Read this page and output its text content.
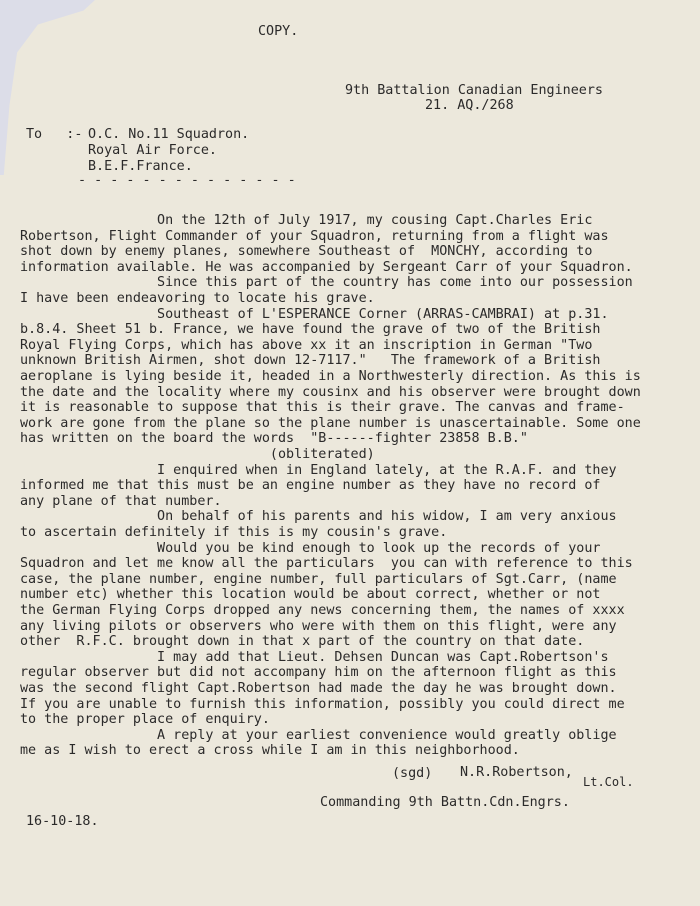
COPY.
9th Battalion Canadian Engineers
21. AQ./268
To   :- O.C. No.11 Squadron.
Royal Air Force.
B.E.F.France.
- - - - - - - - - - - - - -
On the 12th of July 1917, my cousing Capt.Charles Eric
Robertson, Flight Commander of your Squadron, returning from a flight was
shot down by enemy planes, somewhere Southeast of  MONCHY, according to
information available. He was accompanied by Sergeant Carr of your Squadron.
Since this part of the country has come into our possession
I have been endeavoring to locate his grave.
Southeast of L'ESPERANCE Corner (ARRAS-CAMBRAI) at p.31.
b.8.4. Sheet 51 b. France, we have found the grave of two of the British
Royal Flying Corps, which has above xx it an inscription in German "Two
unknown British Airmen, shot down 12-7117."   The framework of a British
aeroplane is lying beside it, headed in a Northwesterly direction. As this is
the date and the locality where my cousinx and his observer were brought down
it is reasonable to suppose that this is their grave. The canvas and frame-
work are gone from the plane so the plane number is unascertainable. Some one
has written on the board the words  "B------fighter 23858 B.B."
(obliterated)
I enquired when in England lately, at the R.A.F. and they
informed me that this must be an engine number as they have no record of
any plane of that number.
On behalf of his parents and his widow, I am very anxious
to ascertain definitely if this is my cousin's grave.
Would you be kind enough to look up the records of your
Squadron and let me know all the particulars  you can with reference to this
case, the plane number, engine number, full particulars of Sgt.Carr, (name
number etc) whether this location would be about correct, whether or not
the German Flying Corps dropped any news concerning them, the names of xxxx
any living pilots or observers who were with them on this flight, were any
other  R.F.C. brought down in that x part of the country on that date.
I may add that Lieut. Dehsen Duncan was Capt.Robertson's
regular observer but did not accompany him on the afternoon flight as this
was the second flight Capt.Robertson had made the day he was brought down.
If you are unable to furnish this information, possibly you could direct me
to the proper place of enquiry.
A reply at your earliest convenience would greatly oblige
me as I wish to erect a cross while I am in this neighborhood.
(sgd) N.R.Robertson,
Lt.Col.
Commanding 9th Battn.Cdn.Engrs.
16-10-18.
